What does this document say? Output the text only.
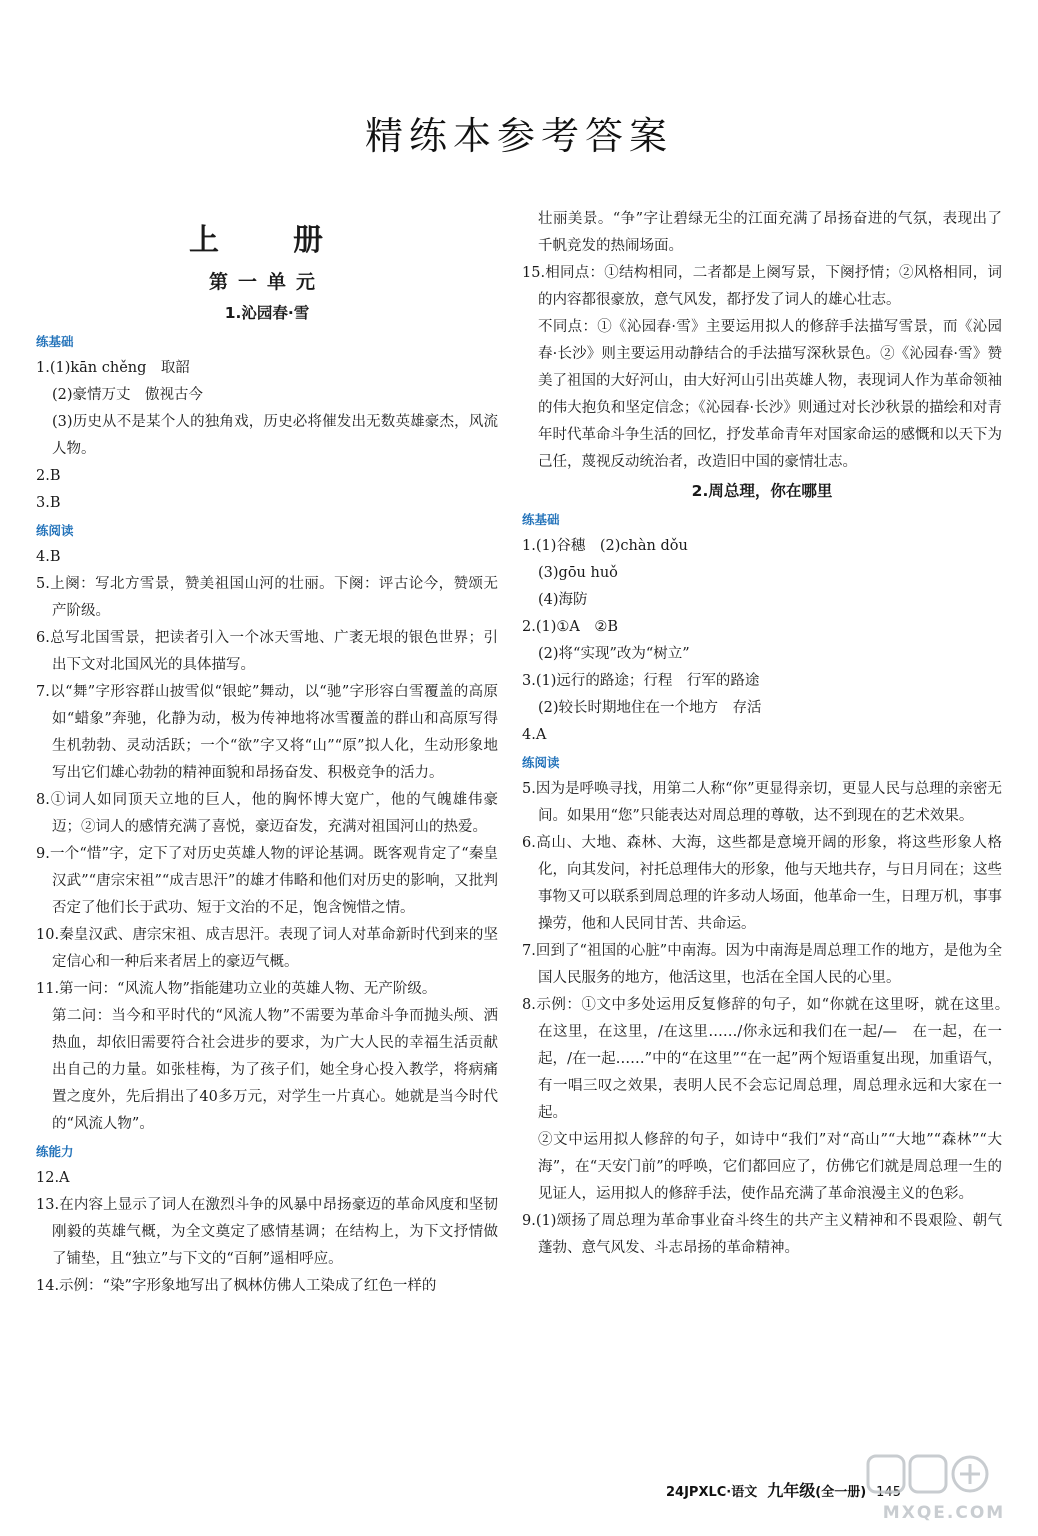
精练本参考答案
上　册
第一单元
1.沁园春·雪
练基础
1.(1)kān chěng　取韶
(2)豪情万丈　傲视古今
(3)历史从不是某个人的独角戏，历史必将催发出无数英雄豪杰，风流人物。
2.B
3.B
练阅读
4.B
5.上阕：写北方雪景，赞美祖国山河的壮丽。下阕：评古论今，赞颂无产阶级。
6.总写北国雪景，把读者引入一个冰天雪地、广袤无垠的银色世界；引出下文对北国风光的具体描写。
7.以“舞”字形容群山披雪似“银蛇”舞动，以“驰”字形容白雪覆盖的高原如“蜡象”奔驰，化静为动，极为传神地将冰雪覆盖的群山和高原写得生机勃勃、灵动活跃；一个“欲”字又将“山”“原”拟人化，生动形象地写出它们雄心勃勃的精神面貌和昂扬奋发、积极竞争的活力。
8.①词人如同顶天立地的巨人，他的胸怀博大宽广，他的气魄雄伟豪迈；②词人的感情充满了喜悦，豪迈奋发，充满对祖国河山的热爱。
9.一个“惜”字，定下了对历史英雄人物的评论基调。既客观肯定了“秦皇汉武”“唐宗宋祖”“成吉思汗”的雄才伟略和他们对历史的影响，又批判否定了他们长于武功、短于文治的不足，饱含惋惜之情。
10.秦皇汉武、唐宗宋祖、成吉思汗。表现了词人对革命新时代到来的坚定信心和一种后来者居上的豪迈气概。
11.第一问：“风流人物”指能建功立业的英雄人物、无产阶级。
第二问：当今和平时代的“风流人物”不需要为革命斗争而抛头颅、洒热血，却依旧需要符合社会进步的要求，为广大人民的幸福生活贡献出自己的力量。如张桂梅，为了孩子们，她全身心投入教学，将病痛置之度外，先后捐出了40多万元，对学生一片真心。她就是当今时代的“风流人物”。
练能力
12.A
13.在内容上显示了词人在激烈斗争的风暴中昂扬豪迈的革命风度和坚韧刚毅的英雄气概，为全文奠定了感情基调；在结构上，为下文抒情做了铺垫，且“独立”与下文的“百舸”遥相呼应。
14.示例：“染”字形象地写出了枫林仿佛人工染成了红色一样的
壮丽美景。“争”字让碧绿无尘的江面充满了昂扬奋进的气氛，表现出了千帆竞发的热闹场面。
15.相同点：①结构相同，二者都是上阕写景，下阕抒情；②风格相同，词的内容都很豪放，意气风发，都抒发了词人的雄心壮志。
不同点：①《沁园春·雪》主要运用拟人的修辞手法描写雪景，而《沁园春·长沙》则主要运用动静结合的手法描写深秋景色。②《沁园春·雪》赞美了祖国的大好河山，由大好河山引出英雄人物，表现词人作为革命领袖的伟大抱负和坚定信念；《沁园春·长沙》则通过对长沙秋景的描绘和对青年时代革命斗争生活的回忆，抒发革命青年对国家命运的感慨和以天下为己任，蔑视反动统治者，改造旧中国的豪情壮志。
2.周总理，你在哪里
练基础
1.(1)谷穗　(2)chàn dǒu
(3)gōu huǒ
(4)海防
2.(1)①A　②B
(2)将“实现”改为“树立”
3.(1)远行的路途；行程　行军的路途
(2)较长时期地住在一个地方　存活
4.A
练阅读
5.因为是呼唤寻找，用第二人称“你”更显得亲切，更显人民与总理的亲密无间。如果用“您”只能表达对周总理的尊敬，达不到现在的艺术效果。
6.高山、大地、森林、大海，这些都是意境开阔的形象，将这些形象人格化，向其发问，衬托总理伟大的形象，他与天地共存，与日月同在；这些事物又可以联系到周总理的许多动人场面，他革命一生，日理万机，事事操劳，他和人民同甘苦、共命运。
7.回到了“祖国的心脏”中南海。因为中南海是周总理工作的地方，是他为全国人民服务的地方，他活这里，也活在全国人民的心里。
8.示例：①文中多处运用反复修辞的句子，如“你就在这里呀，就在这里。　在这里，在这里，/在这里……/你永远和我们在一起/—　在一起，在一起，/在一起……”中的“在这里”“在一起”两个短语重复出现，加重语气，有一唱三叹之效果，表明人民不会忘记周总理，周总理永远和大家在一起。
②文中运用拟人修辞的句子，如诗中“我们”对“高山”“大地”“森林”“大海”，在“天安门前”的呼唤，它们都回应了，仿佛它们就是周总理一生的见证人，运用拟人的修辞手法，使作品充满了革命浪漫主义的色彩。
9.(1)颂扬了周总理为革命事业奋斗终生的共产主义精神和不畏艰险、朝气蓬勃、意气风发、斗志昂扬的革命精神。
24JPXLC·语文 九年级(全一册) 145
MXQE.COM
